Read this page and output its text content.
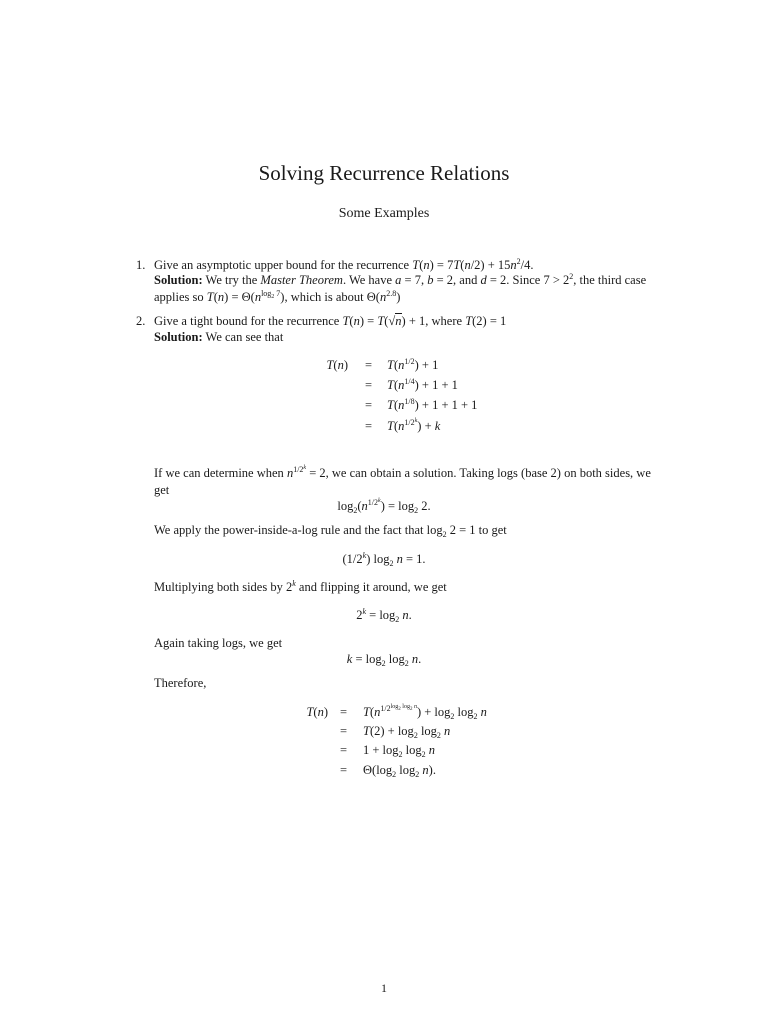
Solving Recurrence Relations
Some Examples
1. Give an asymptotic upper bound for the recurrence $T(n) = 7T(n/2) + 15n^2/4$.
Solution: We try the Master Theorem. We have a = 7, b = 2, and d = 2. Since $7 > 2^2$, the third case
applies so $T(n) = \Theta(n^{log_2 7})$, which is about $\Theta(n^{2.8})$
2. Give a tight bound for the recurrence T(n) = T(√n) + 1, where T(2) = 1
Solution: We can see that
$T(n) = T(n^{1/2}) + 1$
= $T(n^{1/4}) + 1 + 1$
= $T(n^{1/8}) + 1 + 1 + 1$
= $T(n^{1/2^k}) + k$
If we can determine when $n^{1/2^k} = 2$, we can obtain a solution. Taking logs (base 2) on both sides, we
get
$\log_2(n^{1/2^k}) = \log_2 2$.
We apply the power-inside-a-log rule and the fact that $\log_2 2 = 1$ to get
(1/2$^k$) $\log_2 n = 1$.
Multiplying both sides by 2$^k$ and flipping it around, we get
$2^k = \log_2 n$.
Again taking logs, we get
$k = \log_2 \log_2 n$.
Therefore,
$T(n) = T(n^{1/2^{log_2 log_2 n}}) + \log_2 \log_2 n$
= $T(2) + \log_2 \log_2 n$
= $1 + \log_2 \log_2 n$
= $\Theta(\log_2$ $\log_2 n$).
1
